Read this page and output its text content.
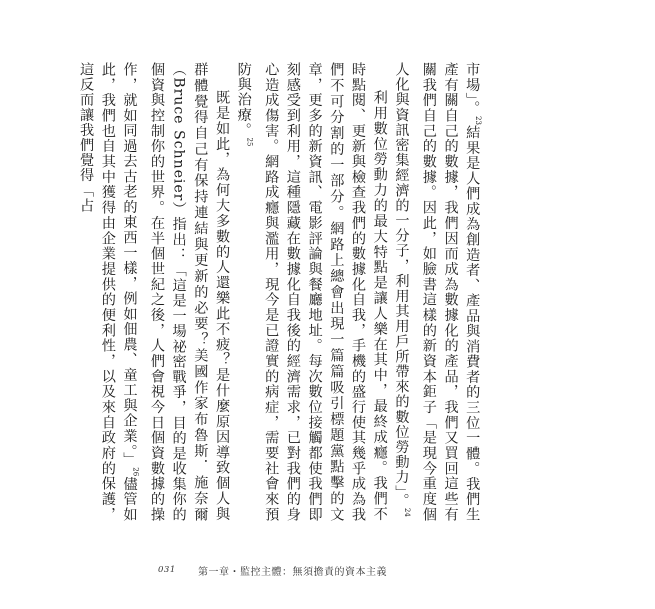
市場」。$^{23}$結果是人們成為創造者、產品與消費者的三位一體。我們生產有關自己的數據，我們因而成為數據化的產品，我們又買回這些有關我們自己的數據。因此，如臉書這樣的新資本鉅子「是現今重度個人化與資訊密集經濟的一分子，利用其用戶所帶來的數位勞動力」。$^{24}$

利用數位勞動力的最大特點是讓人樂在其中，最終成癮。我們不時點閱、更新與檢查我們的數據化自我，手機的盛行使其幾乎成為我們不可分割的一部分。網路上總會出現一篇篇吸引標題黨點擊的文章，更多的新資訊、電影評論與餐廳地址。每次數位接觸都使我們即刻感受到利用，這種隱藏在數據化自我後的經濟需求，已對我們的身心造成傷害。網路成癮與濫用，現今是已證實的病症，需要社會來預防與治療。$^{25}$

既是如此，為何大多數的人還樂此不疲？是什麼原因導致個人與群體覺得自己有保持連結與更新的必要？美國作家布魯斯．施奈爾（Bruce Schneier）指出：「這是一場祕密戰爭，目的是收集你的個資與控制你的世界。在半個世紀之後，人們會視今日個資數據的操作，就如同過去古老的東西一樣，例如佃農、童工與企業。」$^{26}$儘管如此，我們也自其中獲得由企業提供的便利性，以及來自政府的保護，這反而讓我們覺得「占

031 第一章・監控主體：無須擔責的資本主義
